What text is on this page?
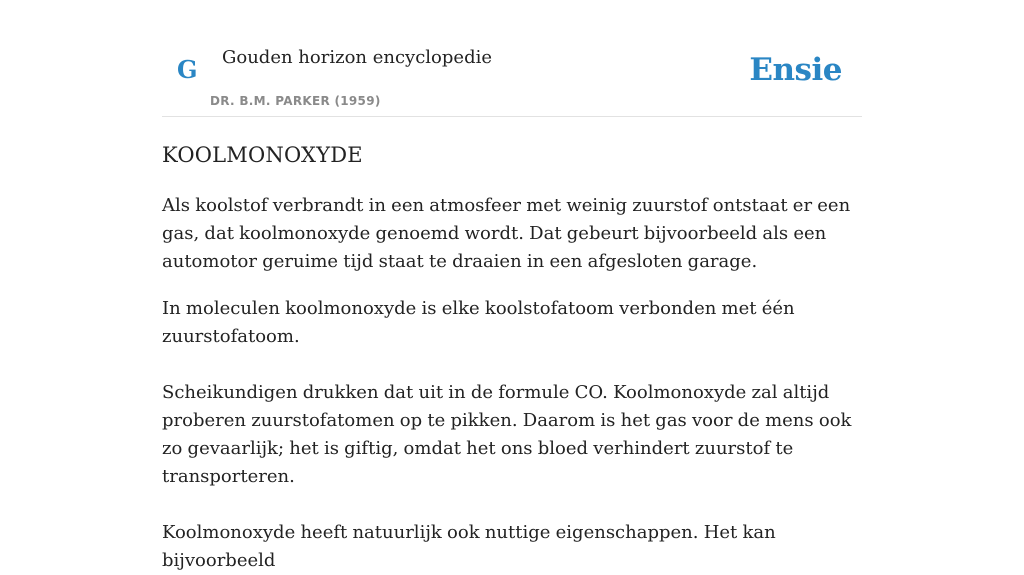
G Gouden horizon encyclopedie
DR. B.M. PARKER (1959)
Ensie
KOOLMONOXYDE

Als koolstof verbrandt in een atmosfeer met weinig zuurstof ontstaat er een gas, dat koolmonoxyde genoemd wordt. Dat gebeurt bijvoorbeeld als een automotor geruime tijd staat te draaien in een afgesloten garage.

In moleculen koolmonoxyde is elke koolstofatoom verbonden met één zuurstofatoom.

Scheikundigen drukken dat uit in de formule CO. Koolmonoxyde zal altijd proberen zuurstofatomen op te pikken. Daarom is het gas voor de mens ook zo gevaarlijk; het is giftig, omdat het ons bloed verhindert zuurstof te transporteren.

Koolmonoxyde heeft natuurlijk ook nuttige eigenschappen. Het kan bijvoorbeeld
